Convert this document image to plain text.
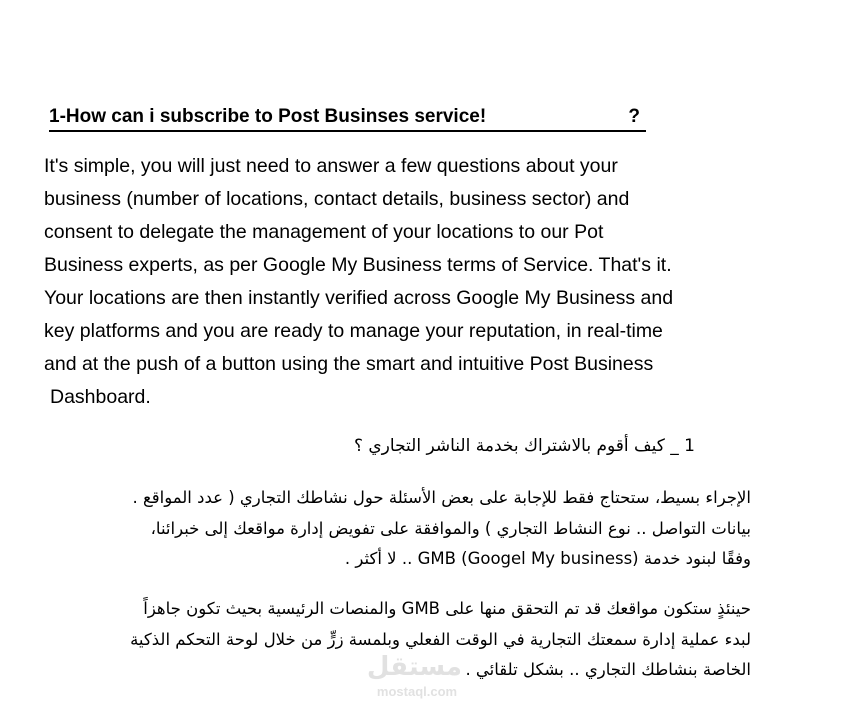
1-How can i subscribe to Post Businses service!	?
It's simple, you will just need to answer a few questions about your
business (number of locations, contact details, business sector) and
consent to delegate the management of your locations to our Pot
Business experts, as per Google My Business terms of Service. That's it.
Your locations are then instantly verified across Google My Business and
key platforms and you are ready to manage your reputation, in real-time
and at the push of a button using the smart and intuitive Post Business
Dashboard.
1 _ كيف أقوم بالاشتراك بخدمة الناشر التجاري ؟
الإجراء بسيط، ستحتاج فقط للإجابة على بعض الأسئلة حول نشاطك التجاري ( عدد المواقع .
بيانات التواصل .. نوع النشاط التجاري ) والموافقة على تفويض إدارة مواقعك إلى خبرائنا،
وفقًا لبنود خدمة GMB (Googel My business) .. لا أكثر .
حينئذٍ ستكون مواقعك قد تم التحقق منها على GMB والمنصات الرئيسية بحيث تكون جاهزاً
لبدء عملية إدارة سمعتك التجارية في الوقت الفعلي وبلمسة زرٍّ من خلال لوحة التحكم الذكية
الخاصة بنشاطك التجاري .. بشكل تلقائي .
مستقل
mostaql.com
